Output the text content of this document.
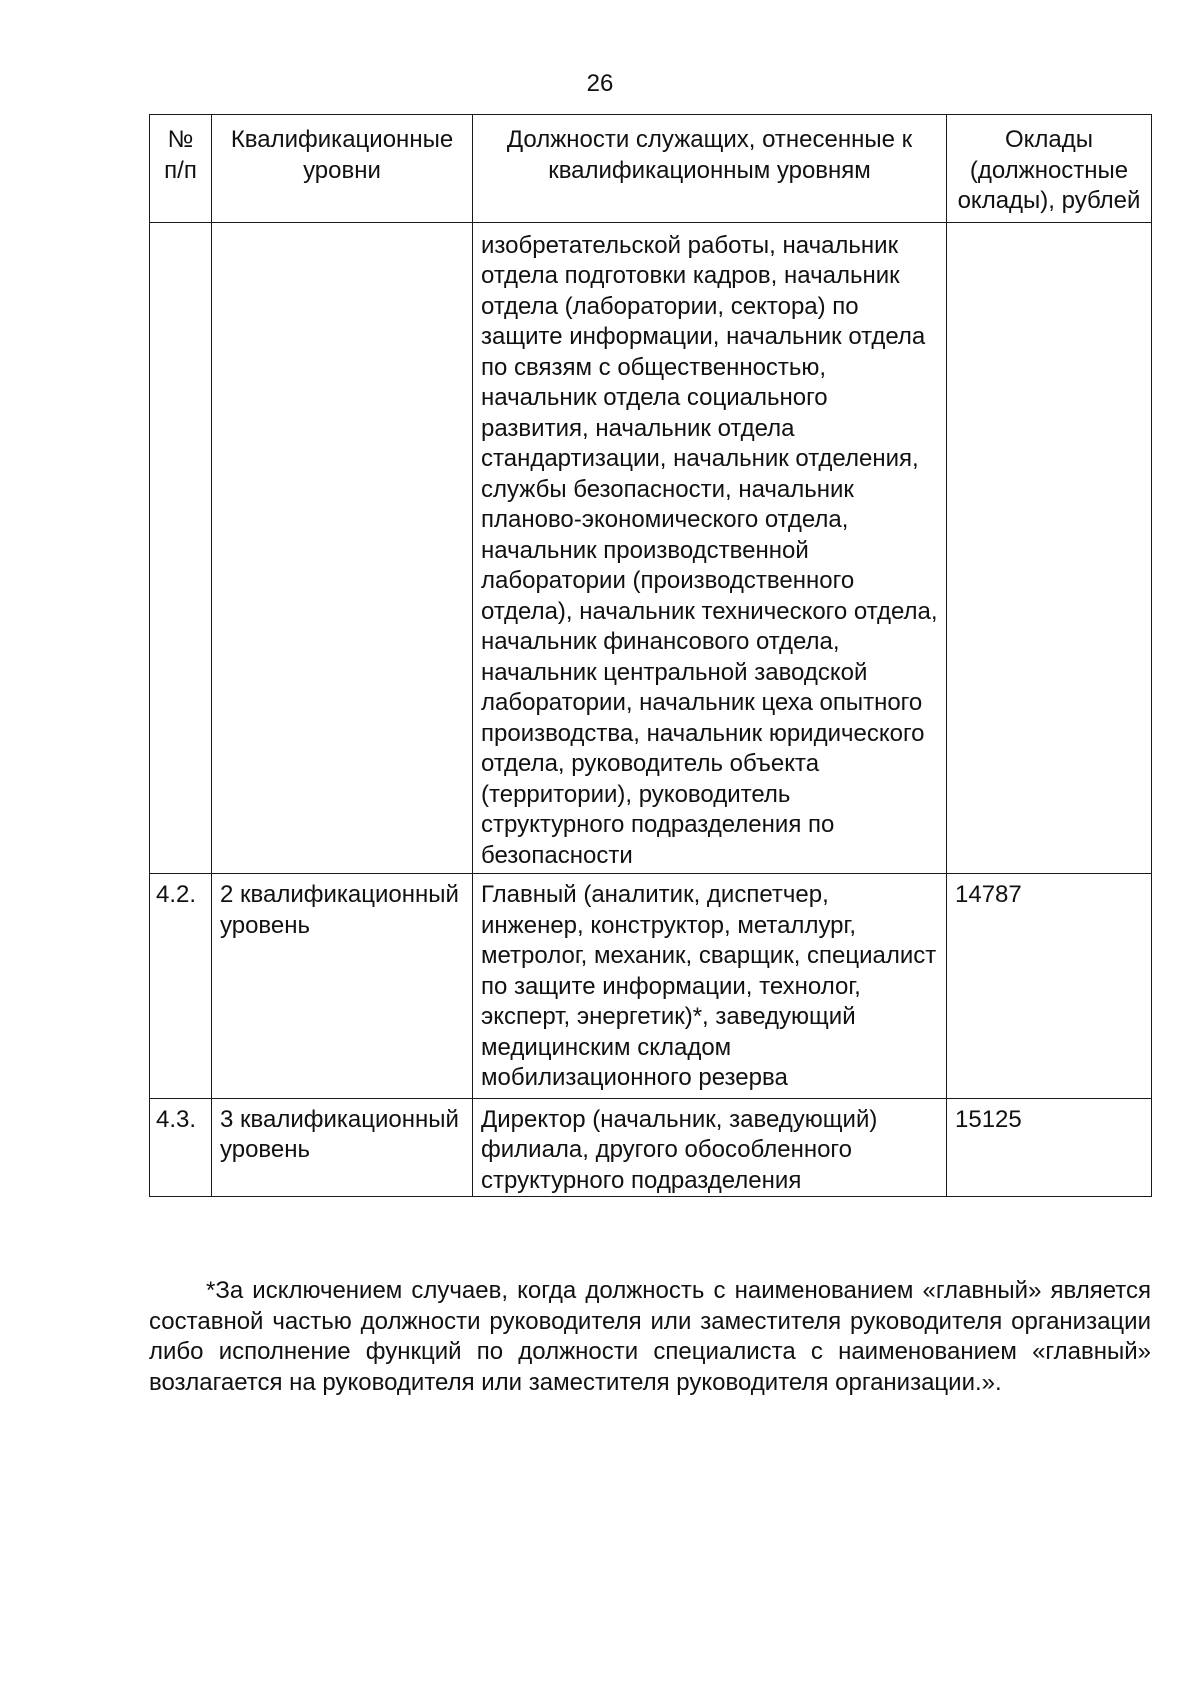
26
№ п/п	Квалификационные уровни	Должности служащих, отнесенные к квалификационным уровням	Оклады (должностные оклады), рублей
		изобретательской работы, начальник отдела подготовки кадров, начальник отдела (лаборатории, сектора) по защите информации, начальник отдела по связям с общественностью, начальник отдела социального развития, начальник отдела стандартизации, начальник отделения, службы безопасности, начальник планово-экономического отдела, начальник производственной лаборатории (производственного отдела), начальник технического отдела, начальник финансового отдела, начальник центральной заводской лаборатории, начальник цеха опытного производства, начальник юридического отдела, руководитель объекта (территории), руководитель структурного подразделения по безопасности	
4.2.	2 квалификационный уровень	Главный (аналитик, диспетчер, инженер, конструктор, металлург, метролог, механик, сварщик, специалист по защите информации, технолог, эксперт, энергетик)*, заведующий медицинским складом мобилизационного резерва	14787
4.3.	3 квалификационный уровень	Директор (начальник, заведующий) филиала, другого обособленного структурного подразделения	15125

*За исключением случаев, когда должность с наименованием «главный» является составной частью должности руководителя или заместителя руководителя организации либо исполнение функций по должности специалиста с наименованием «главный» возлагается на руководителя или заместителя руководителя организации.».
